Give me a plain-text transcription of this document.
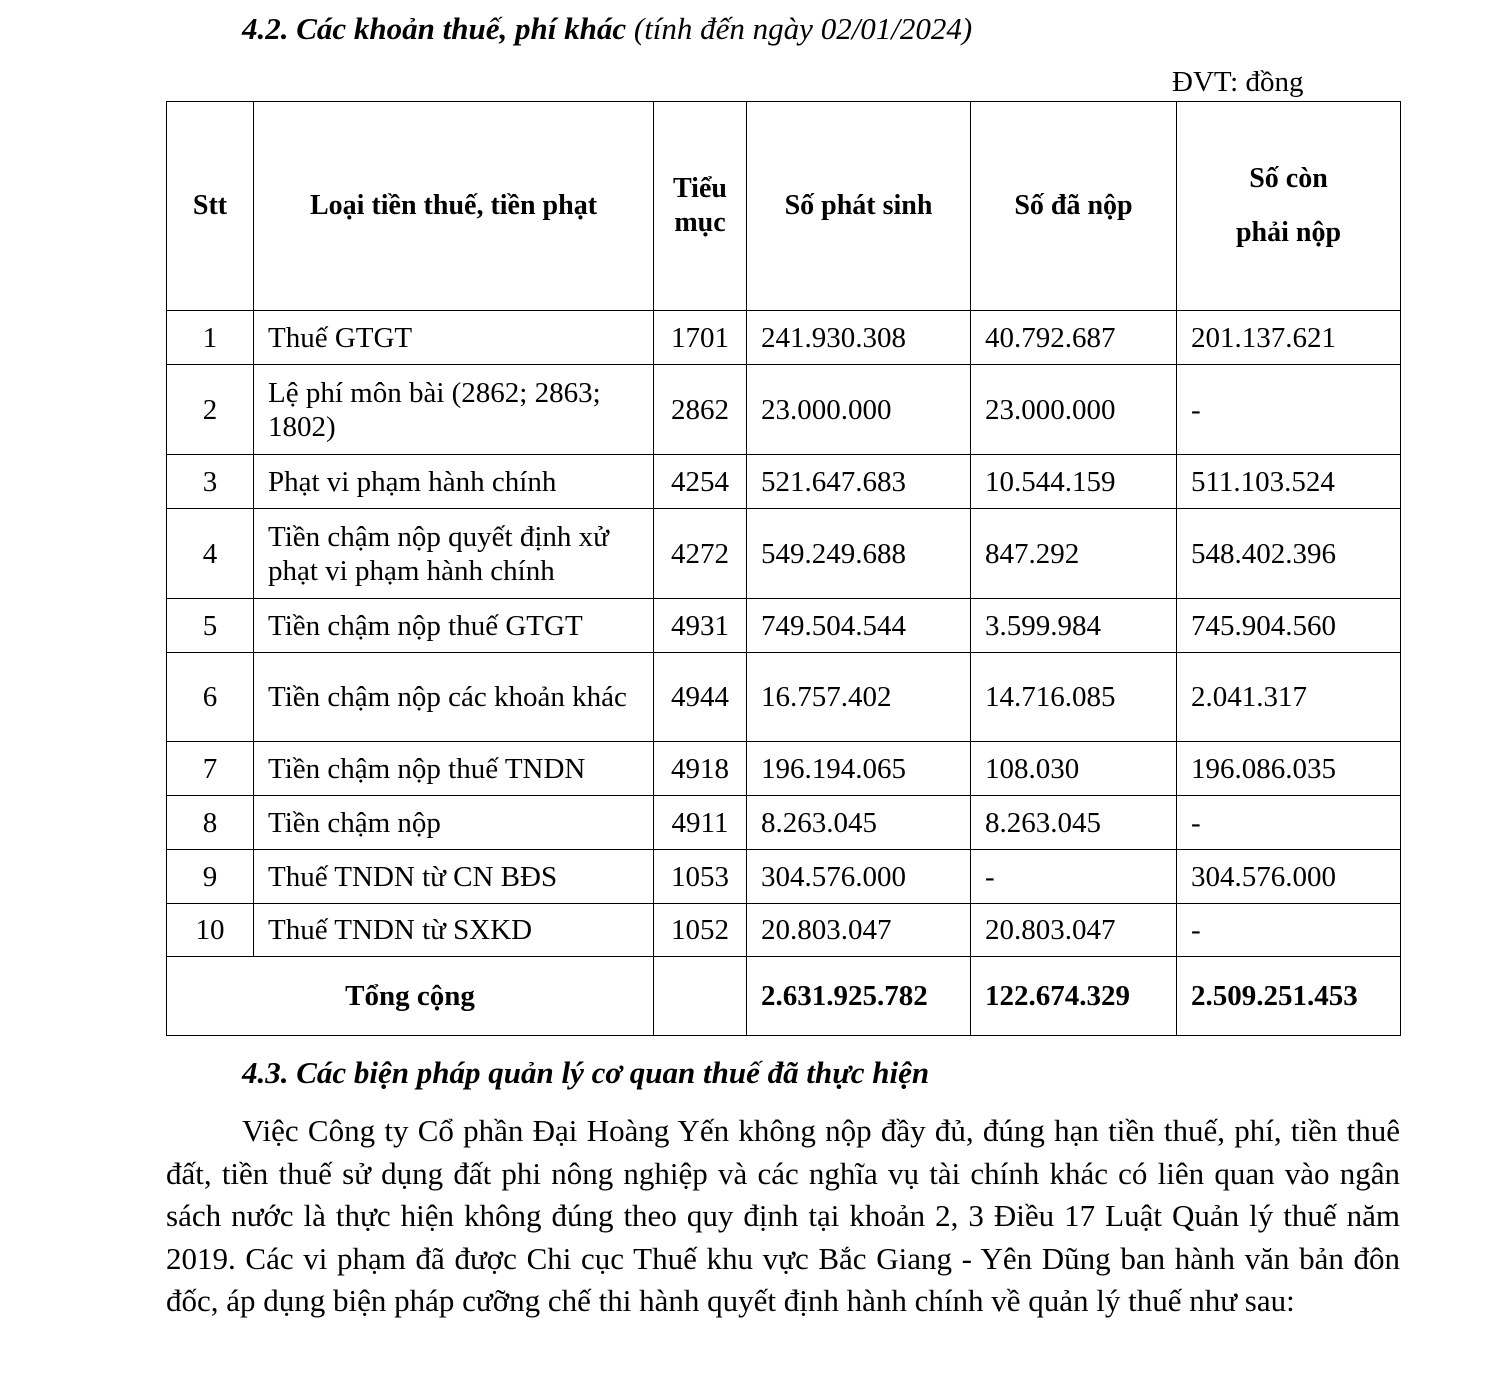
4.2. Các khoản thuế, phí khác (tính đến ngày 02/01/2024)
ĐVT: đồng
Stt	Loại tiền thuế, tiền phạt	Tiểu mục	Số phát sinh	Số đã nộp	Số còn phải nộp

1	Thuế GTGT	1701	241.930.308	40.792.687	201.137.621
2	Lệ phí môn bài (2862; 2863; 1802)	2862	23.000.000	23.000.000	-
3	Phạt vi phạm hành chính	4254	521.647.683	10.544.159	511.103.524
4	Tiền chậm nộp quyết định xử phạt vi phạm hành chính	4272	549.249.688	847.292	548.402.396
5	Tiền chậm nộp thuế GTGT	4931	749.504.544	3.599.984	745.904.560
6	Tiền chậm nộp các khoản khác	4944	16.757.402	14.716.085	2.041.317
7	Tiền chậm nộp thuế TNDN	4918	196.194.065	108.030	196.086.035
8	Tiền chậm nộp	4911	8.263.045	8.263.045	-
9	Thuế TNDN từ CN BĐS	1053	304.576.000	-	304.576.000
10	Thuế TNDN từ SXKD	1052	20.803.047	20.803.047	-
Tổng cộng			2.631.925.782	122.674.329	2.509.251.453
4.3. Các biện pháp quản lý cơ quan thuế đã thực hiện
Việc Công ty Cổ phần Đại Hoàng Yến không nộp đầy đủ, đúng hạn tiền thuế, phí, tiền thuê đất, tiền thuế sử dụng đất phi nông nghiệp và các nghĩa vụ tài chính khác có liên quan vào ngân sách nước là thực hiện không đúng theo quy định tại khoản 2, 3 Điều 17 Luật Quản lý thuế năm 2019. Các vi phạm đã được Chi cục Thuế khu vực Bắc Giang - Yên Dũng ban hành văn bản đôn đốc, áp dụng biện pháp cưỡng chế thi hành quyết định hành chính về quản lý thuế như sau:
